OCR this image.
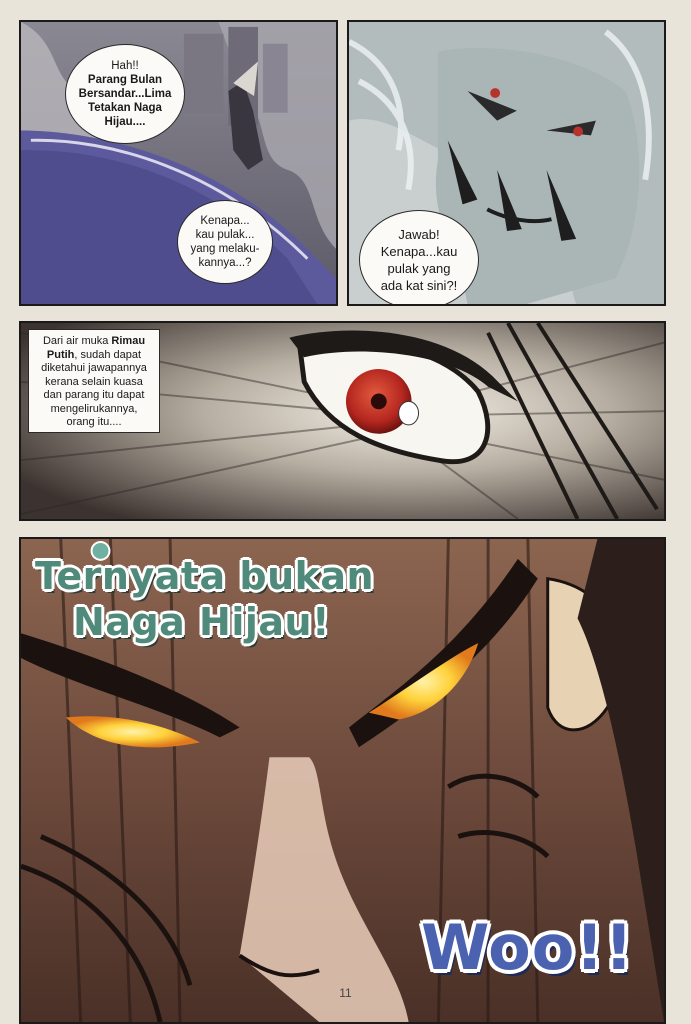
Hah!!
Parang Bulan
Bersandar...Lima
Tetakan Naga
Hijau....
Kenapa...
kau pulak...
yang melaku-
kannya...?
Jawab!
Kenapa...kau
pulak yang
ada kat sini?!
Dari air muka Rimau Putih, sudah dapat diketahui jawapannya kerana selain kuasa dan parang itu dapat mengelirukannya, orang itu....
Ternyata bukan
Naga Hijau!
Woo!!
11
